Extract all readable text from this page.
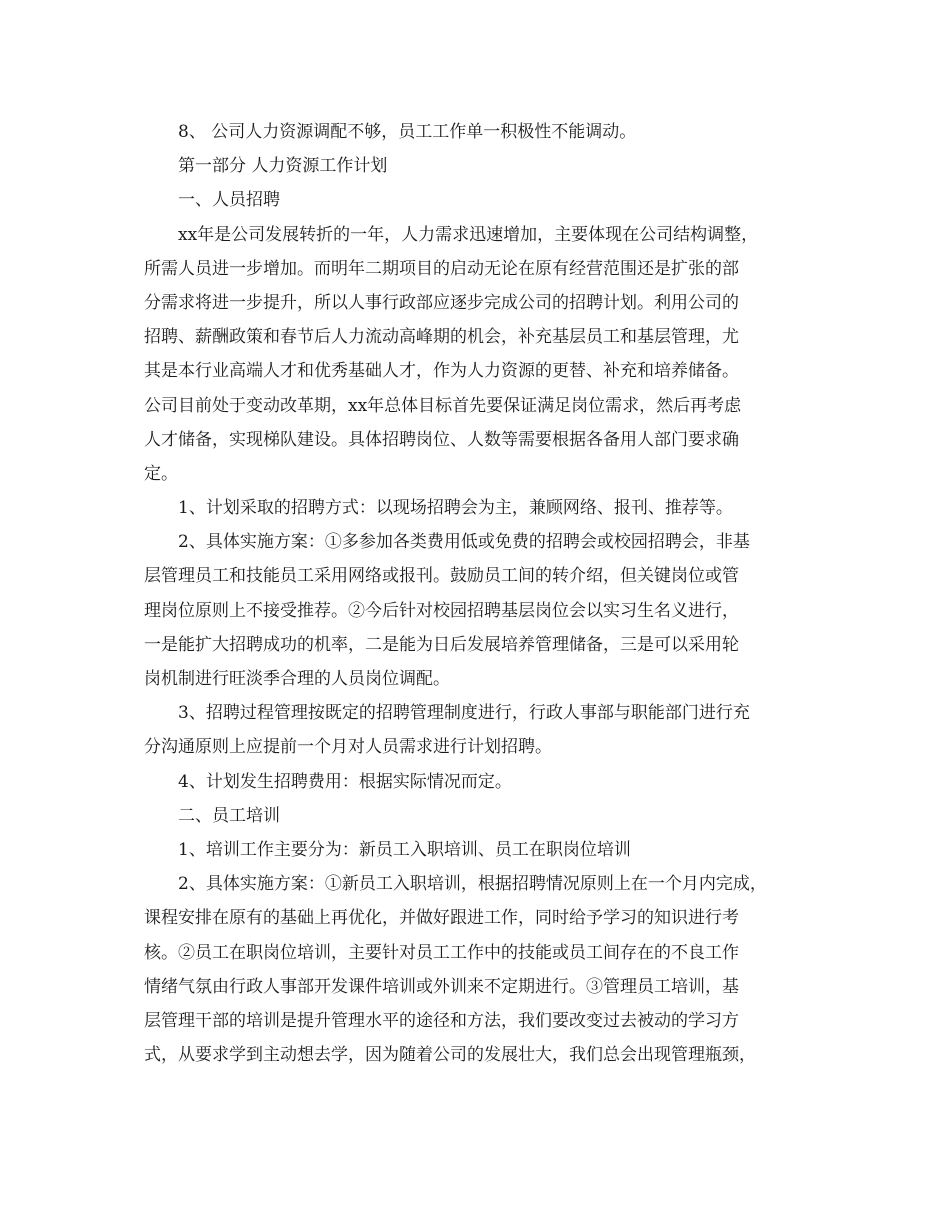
8、 公司人力资源调配不够，员工工作单一积极性不能调动。
第一部分 人力资源工作计划
一、人员招聘
xx年是公司发展转折的一年，人力需求迅速增加，主要体现在公司结构调整，
所需人员进一步增加。而明年二期项目的启动无论在原有经营范围还是扩张的部
分需求将进一步提升，所以人事行政部应逐步完成公司的招聘计划。利用公司的
招聘、薪酬政策和春节后人力流动高峰期的机会，补充基层员工和基层管理，尤
其是本行业高端人才和优秀基础人才，作为人力资源的更替、补充和培养储备。
公司目前处于变动改革期，xx年总体目标首先要保证满足岗位需求，然后再考虑
人才储备，实现梯队建设。具体招聘岗位、人数等需要根据各备用人部门要求确
定。
1、计划采取的招聘方式：以现场招聘会为主，兼顾网络、报刊、推荐等。
2、具体实施方案：①多参加各类费用低或免费的招聘会或校园招聘会，非基
层管理员工和技能员工采用网络或报刊。鼓励员工间的转介绍，但关键岗位或管
理岗位原则上不接受推荐。②今后针对校园招聘基层岗位会以实习生名义进行，
一是能扩大招聘成功的机率，二是能为日后发展培养管理储备，三是可以采用轮
岗机制进行旺淡季合理的人员岗位调配。
3、招聘过程管理按既定的招聘管理制度进行，行政人事部与职能部门进行充
分沟通原则上应提前一个月对人员需求进行计划招聘。
4、计划发生招聘费用：根据实际情况而定。
二、员工培训
1、培训工作主要分为：新员工入职培训、员工在职岗位培训
2、具体实施方案：①新员工入职培训，根据招聘情况原则上在一个月内完成，
课程安排在原有的基础上再优化，并做好跟进工作，同时给予学习的知识进行考
核。②员工在职岗位培训，主要针对员工工作中的技能或员工间存在的不良工作
情绪气氛由行政人事部开发课件培训或外训来不定期进行。③管理员工培训，基
层管理干部的培训是提升管理水平的途径和方法，我们要改变过去被动的学习方
式，从要求学到主动想去学，因为随着公司的发展壮大，我们总会出现管理瓶颈，
